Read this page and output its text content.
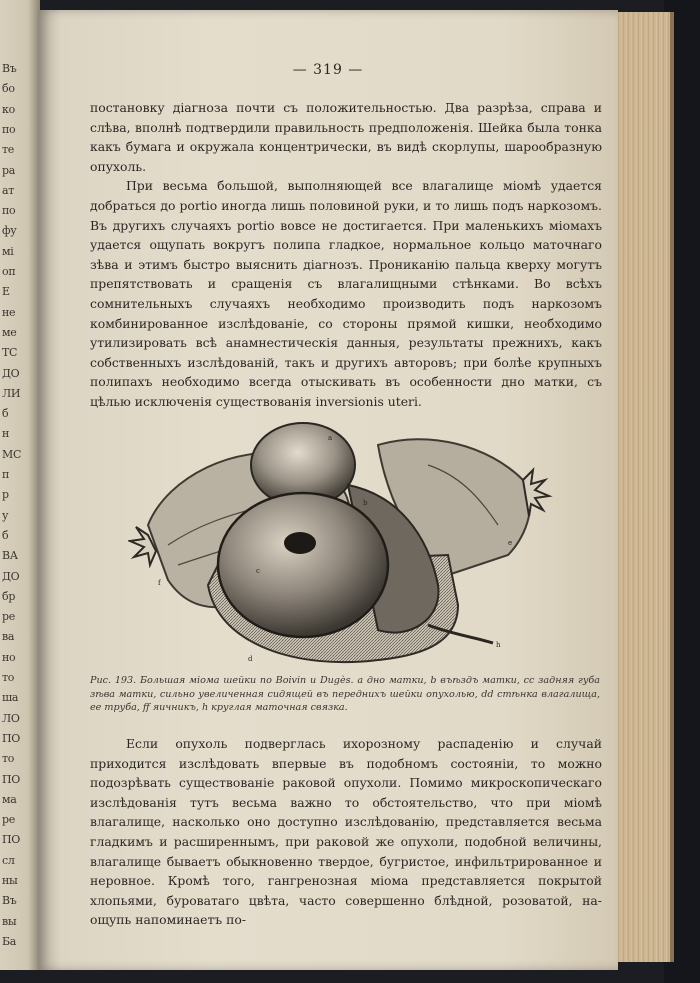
Въ
бо
ко
по
те
ра
ат
по
фу
мі
оп
Е
не
ме
ТС
ДО
ЛИ
б
н
МС
п
р
у
б
ВА
ДО
бр
ре
ва
но
то
ша
ЛО
ПО
то
ПО
ма
ре
ПО
сл
ны
Въ
вы
Ба
— 319 —

постановку діагноза почти съ положительностью. Два разрѣза, справа и слѣва, вполнѣ подтвердили правильность предположенія. Шейка была тонка какъ бумага и окружала концентрически, въ видѣ скорлупы, шарообразную опухоль.

При весьма большой, выполняющей все влагалище міомѣ удается добраться до portio иногда лишь половиной руки, и то лишь подъ наркозомъ. Въ другихъ случаяхъ portio вовсе не достигается. При маленькихъ міомахъ удается ощупать вокругъ полипа гладкое, нормальное кольцо маточнаго зѣва и этимъ быстро выяснить діагнозъ. Прониканію пальца кверху могутъ препятствовать и сращенія съ влагалищными стѣнками. Во всѣхъ сомнительныхъ случаяхъ необходимо производить подъ наркозомъ комбинированное изслѣдованіе, со стороны прямой кишки, необходимо утилизировать всѣ анамнестическія данныя, результаты прежнихъ, какъ собственныхъ изслѣдованій, такъ и другихъ авторовъ; при болѣе крупныхъ полипахъ необходимо всегда отыскивать въ особенности дно матки, съ цѣлью исключенія существованія inversionis uteri.

a
b
c
d
e
f
h
Рис. 193. Большая міома шейки по Boivin и Dugès. а дно матки, b въѣздъ матки, сс задняя губа зѣва матки, сильно увеличенная сидящей въ переднихъ шейки опухолью, dd стѣнка влагалища, ее труба, ff яичникъ, h круглая маточная связка.

Если опухоль подверглась ихорозному распаденію и случай приходится изслѣдовать впервые въ подобномъ состояніи, то можно подозрѣвать существованіе раковой опухоли. Помимо микроскопическаго изслѣдованія тутъ весьма важно то обстоятельство, что при міомѣ влагалище, насколько оно доступно изслѣдованію, представляется весьма гладкимъ и расширеннымъ, при раковой же опухоли, подобной величины, влагалище бываетъ обыкновенно твердое, бугристое, инфильтрированное и неровное. Кромѣ того, гангренозная міома представляется покрытой хлопьями, буроватаго цвѣта, часто совершенно блѣдной, розоватой, на-ощупь напоминаетъ по-
